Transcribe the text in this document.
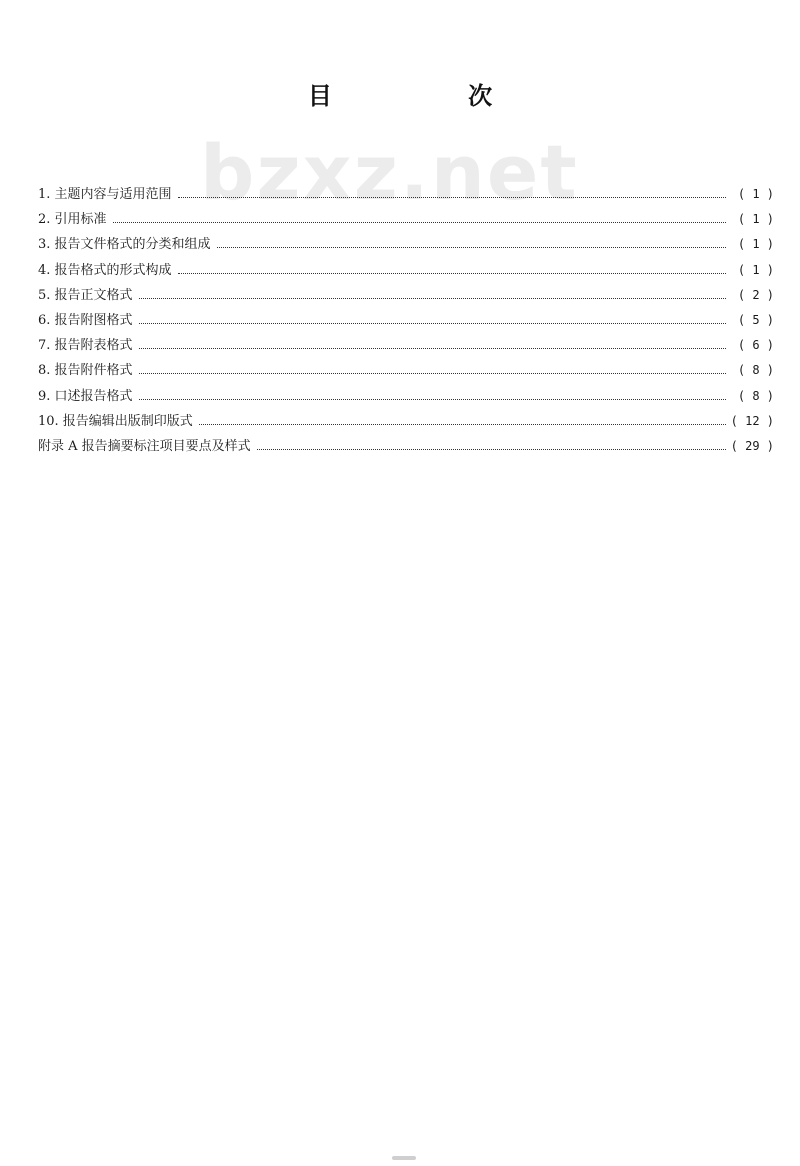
bzxz.net
目 次
1. 主题内容与适用范围	( 1 )
2. 引用标准	( 1 )
3. 报告文件格式的分类和组成	( 1 )
4. 报告格式的形式构成	( 1 )
5. 报告正文格式	( 2 )
6. 报告附图格式	( 5 )
7. 报告附表格式	( 6 )
8. 报告附件格式	( 8 )
9. 口述报告格式	( 8 )
10. 报告编辑出版制印版式	( 12 )
附录 A 报告摘要标注项目要点及样式	( 29 )
